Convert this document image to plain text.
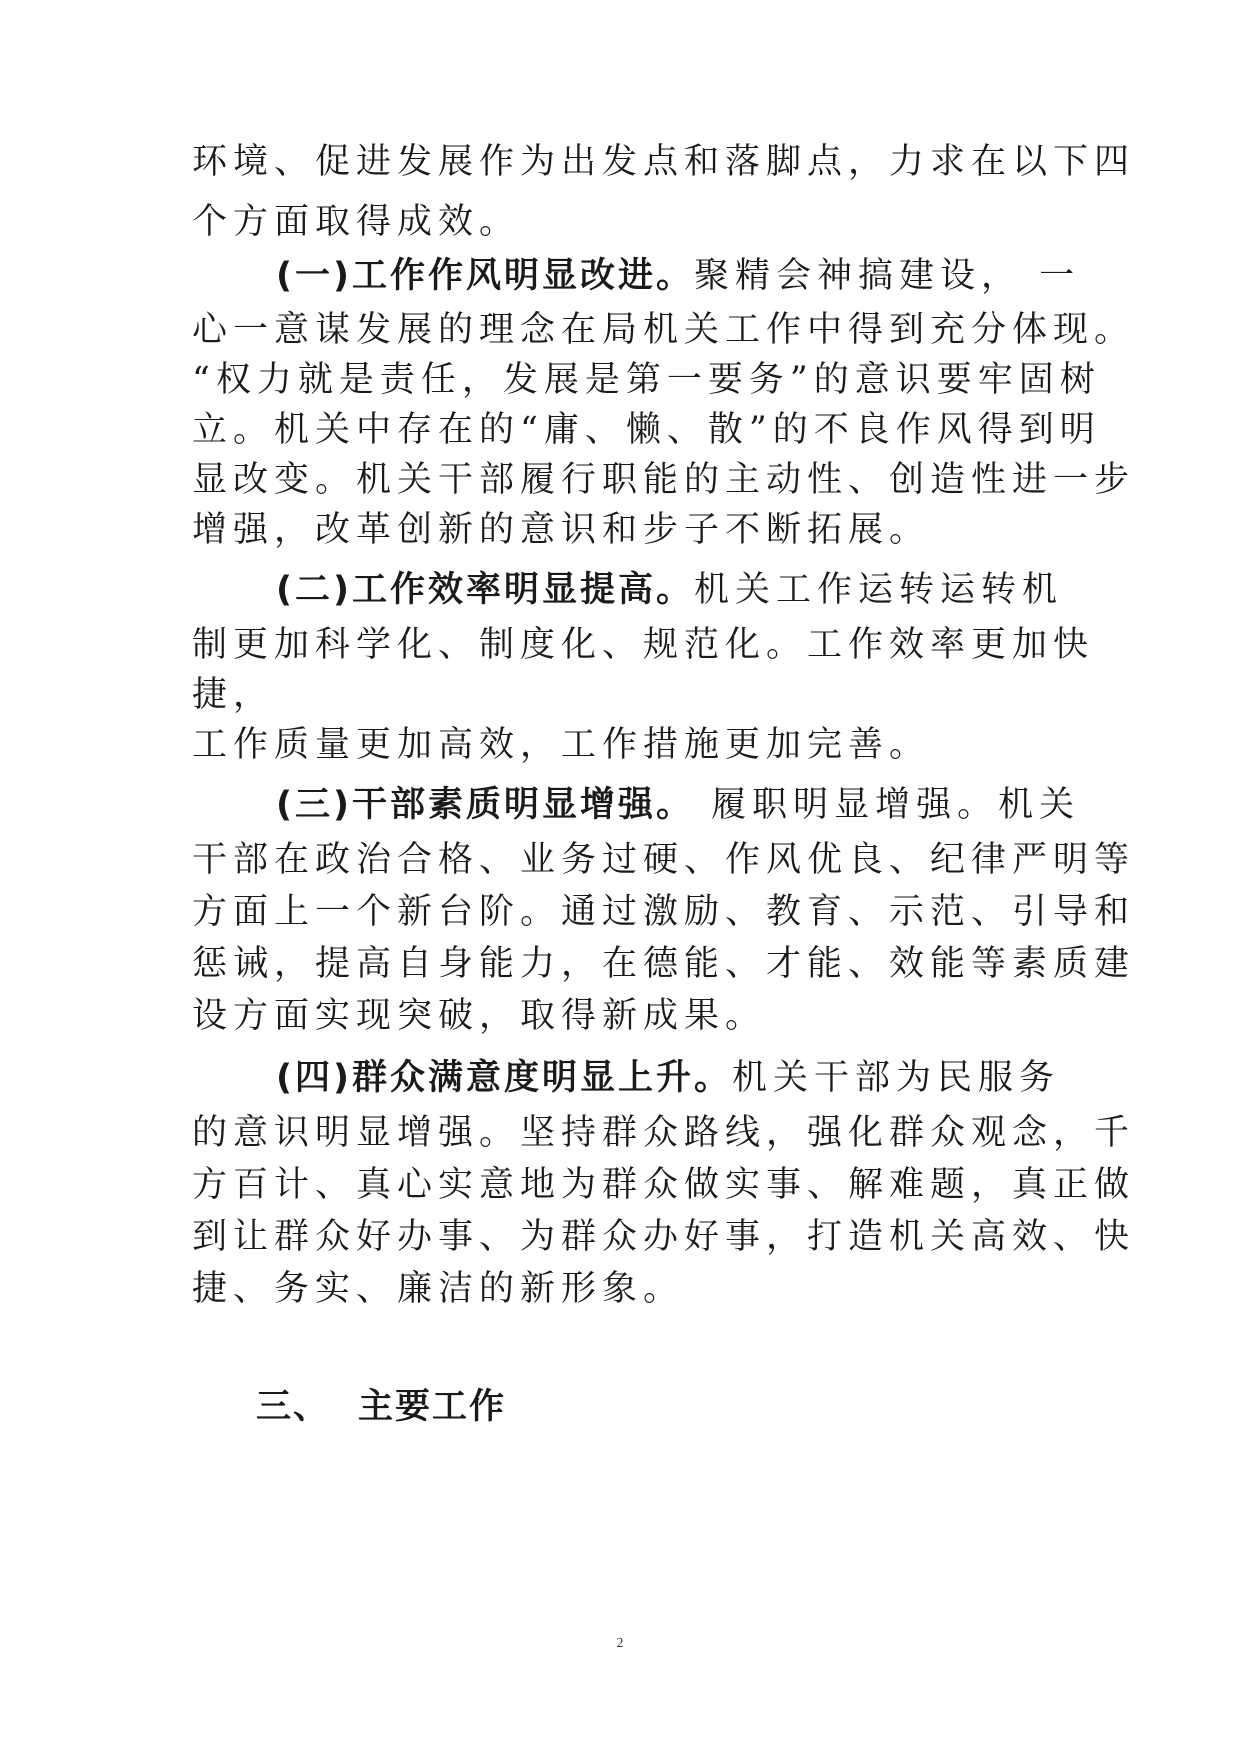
环境、促进发展作为出发点和落脚点，力求在以下四
个方面取得成效。
(一)工作作风明显改进。聚精会神搞建设， 一
心一意谋发展的理念在局机关工作中得到充分体现。
“权力就是责任，发展是第一要务”的意识要牢固树
立。机关中存在的“庸、懒、散”的不良作风得到明
显改变。机关干部履行职能的主动性、创造性进一步
增强，改革创新的意识和步子不断拓展。
(二)工作效率明显提高。机关工作运转运转机
制更加科学化、制度化、规范化。工作效率更加快
捷，
工作质量更加高效，工作措施更加完善。
(三)干部素质明显增强。 履职明显增强。机关
干部在政治合格、业务过硬、作风优良、纪律严明等
方面上一个新台阶。通过激励、教育、示范、引导和
惩诫，提高自身能力，在德能、才能、效能等素质建
设方面实现突破，取得新成果。
(四)群众满意度明显上升。机关干部为民服务
的意识明显增强。坚持群众路线，强化群众观念，千
方百计、真心实意地为群众做实事、解难题，真正做
到让群众好办事、为群众办好事，打造机关高效、快
捷、务实、廉洁的新形象。
三、 主要工作
2
